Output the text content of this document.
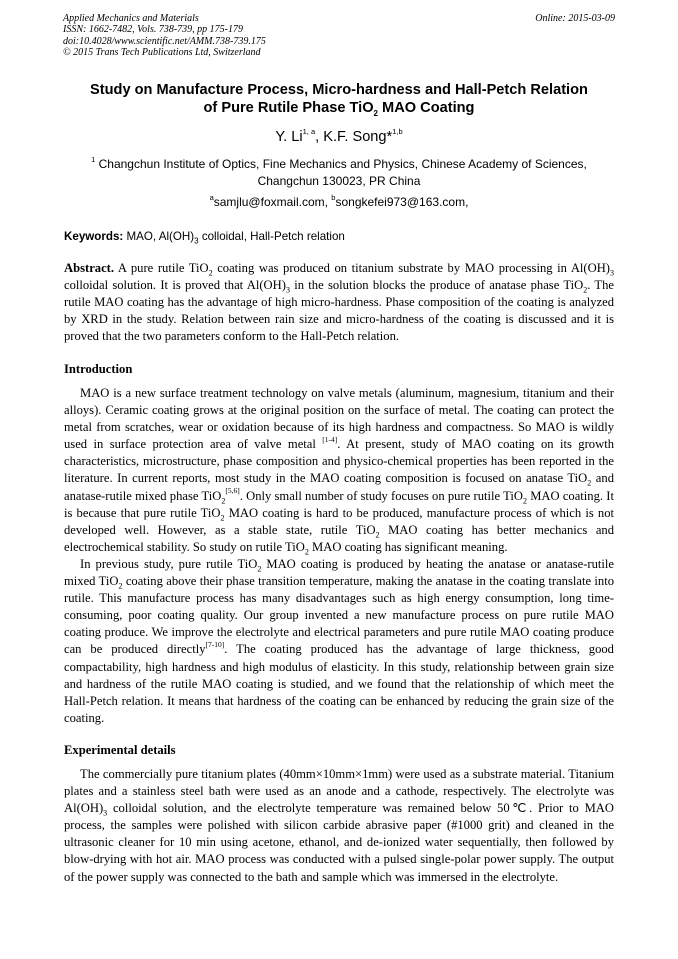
Applied Mechanics and Materials
ISSN: 1662-7482, Vols. 738-739, pp 175-179
doi:10.4028/www.scientific.net/AMM.738-739.175
© 2015 Trans Tech Publications Ltd, Switzerland
Online: 2015-03-09
Study on Manufacture Process, Micro-hardness and Hall-Petch Relation
of Pure Rutile Phase TiO$_2$ MAO Coating
Y. Li$^{1, a}$, K.F. Song*$^{1,b}$
$^1$ Changchun Institute of Optics, Fine Mechanics and Physics, Chinese Academy of Sciences,
Changchun 130023, PR China
$^a$samjlu@foxmail.com, $^b$songkefei973@163.com,
Keywords: MAO, $Al(OH)_3$ colloidal, Hall-Petch relation

Abstract. A pure rutile TiO$_2$ coating was produced on titanium substrate by MAO processing in $Al(OH)_3$ colloidal solution. It is proved that $Al(OH)_3$ in the solution blocks the produce of anatase phase TiO$_2$. The rutile MAO coating has the advantage of high micro-hardness. Phase composition of the coating is analyzed by XRD in the study. Relation between rain size and micro-hardness of the coating is discussed and it is proved that the two parameters conform to the Hall-Petch relation.

Introduction

MAO is a new surface treatment technology on valve metals (aluminum, magnesium, titanium and their alloys). Ceramic coating grows at the original position on the surface of metal. The coating can protect the metal from scratches, wear or oxidation because of its high hardness and compactness. So MAO is wildly used in surface protection area of valve metal [1-4]. At present, study of MAO coating on its growth characteristics, microstructure, phase composition and physico-chemical properties has been reported in the literature. In current reports, most study in the MAO coating composition is focused on anatase TiO$_2$ and anatase-rutile mixed phase TiO$_2$[5,6]. Only small number of study focuses on pure rutile TiO$_2$ MAO coating. It is because that pure rutile TiO$_2$ MAO coating is hard to be produced, manufacture process of which is not developed well. However, as a stable state, rutile TiO$_2$ MAO coating has better mechanics and electrochemical stability. So study on rutile TiO$_2$ MAO coating has significant meaning.

In previous study, pure rutile TiO$_2$ MAO coating is produced by heating the anatase or anatase-rutile mixed TiO$_2$ coating above their phase transition temperature, making the anatase in the coating translate into rutile. This manufacture process has many disadvantages such as high energy consumption, long time-consuming, poor coating quality. Our group invented a new manufacture process on pure rutile MAO coating produce. We improve the electrolyte and electrical parameters and pure rutile MAO coating produce can be produced directly[7-10]. The coating produced has the advantage of large thickness, good compactability, high hardness and high modulus of elasticity. In this study, relationship between grain size and hardness of the rutile MAO coating is studied, and we found that the relationship of which meet the Hall-Petch relation. It means that hardness of the coating can be enhanced by reducing the grain size of the coating.

Experimental details

The commercially pure titanium plates (40mm×10mm×1mm) were used as a substrate material. Titanium plates and a stainless steel bath were used as an anode and a cathode, respectively. The electrolyte was $Al(OH)_3$ colloidal solution, and the electrolyte temperature was remained below 50℃. Prior to MAO process, the samples were polished with silicon carbide abrasive paper (#1000 grit) and cleaned in the ultrasonic cleaner for 10 min using acetone, ethanol, and de-ionized water sequentially, then followed by blow-drying with hot air. MAO process was conducted with a pulsed single-polar power supply. The output of the power supply was connected to the bath and sample which was immersed in the electrolyte.
